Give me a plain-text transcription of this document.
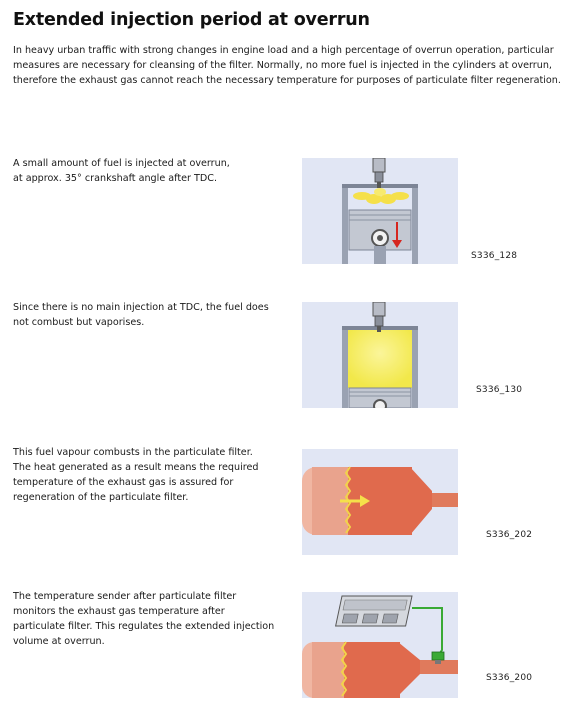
Extended injection period at overrun
In heavy urban traffic with strong changes in engine load and a high percentage of overrun operation, particular measures are necessary for cleansing of the filter. Normally, no more fuel is injected in the cylinders at overrun, therefore the exhaust gas cannot reach the necessary temperature for purposes of particulate filter regeneration.
A small amount of fuel is injected at overrun,
at approx. 35° crankshaft angle after TDC.
S336_128
Since there is no main injection at TDC, the fuel does
not combust but vaporises.
S336_130
This fuel vapour combusts in the particulate filter.
The heat generated as a result means the required
temperature of the exhaust gas is assured for
regeneration of the particulate filter.
S336_202
The temperature sender after particulate filter
monitors the exhaust gas temperature after
particulate filter. This regulates the extended injection
volume at overrun.
S336_200
